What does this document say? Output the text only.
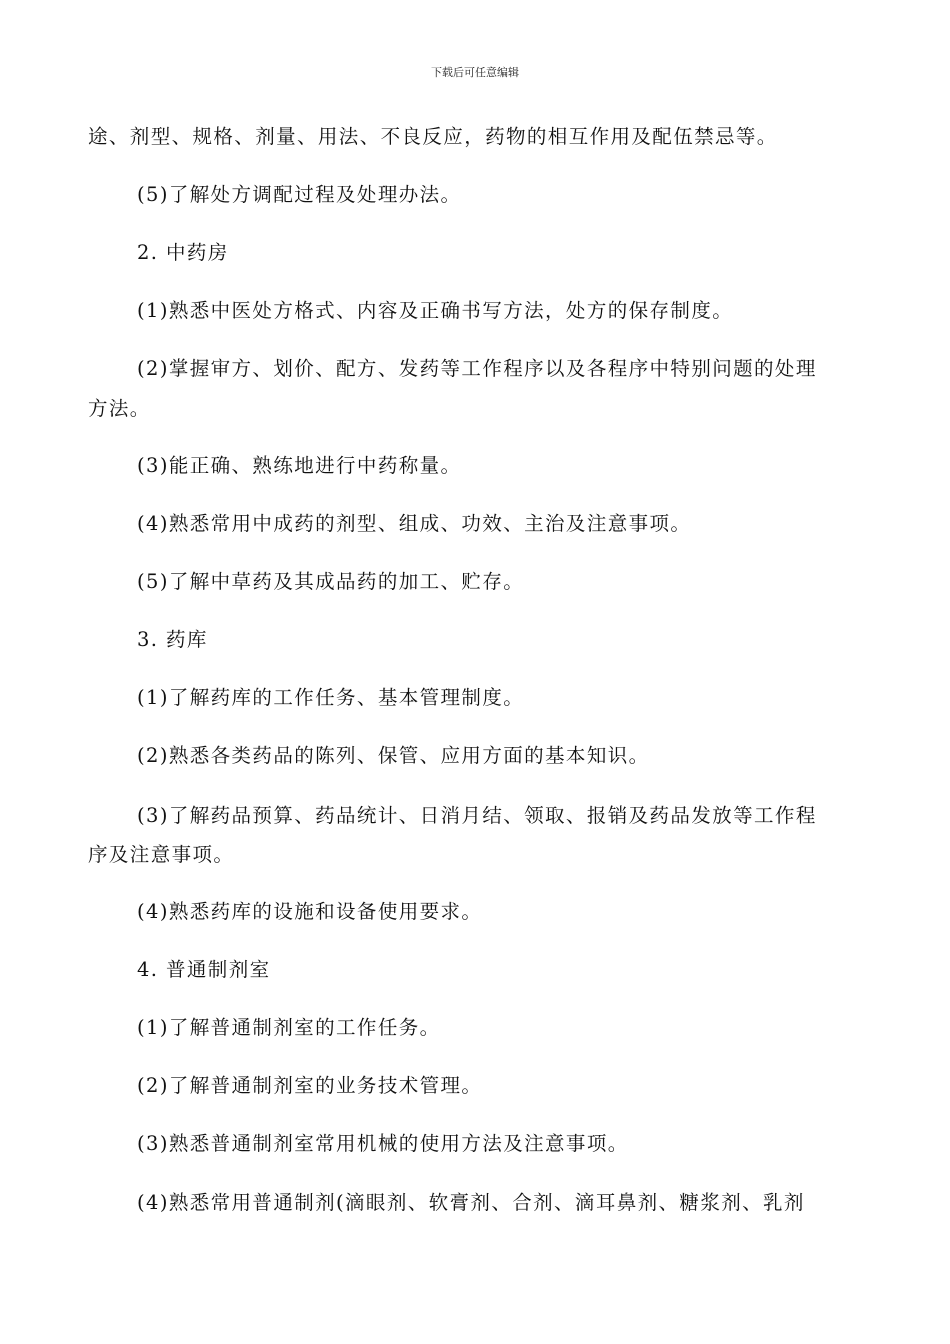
下载后可任意编辑
途、剂型、规格、剂量、用法、不良反应，药物的相互作用及配伍禁忌等。
(5)了解处方调配过程及处理办法。
2. 中药房
(1)熟悉中医处方格式、内容及正确书写方法，处方的保存制度。
(2)掌握审方、划价、配方、发药等工作程序以及各程序中特别问题的处理
方法。
(3)能正确、熟练地进行中药称量。
(4)熟悉常用中成药的剂型、组成、功效、主治及注意事项。
(5)了解中草药及其成品药的加工、贮存。
3. 药库
(1)了解药库的工作任务、基本管理制度。
(2)熟悉各类药品的陈列、保管、应用方面的基本知识。
(3)了解药品预算、药品统计、日消月结、领取、报销及药品发放等工作程
序及注意事项。
(4)熟悉药库的设施和设备使用要求。
4. 普通制剂室
(1)了解普通制剂室的工作任务。
(2)了解普通制剂室的业务技术管理。
(3)熟悉普通制剂室常用机械的使用方法及注意事项。
(4)熟悉常用普通制剂(滴眼剂、软膏剂、合剂、滴耳鼻剂、糖浆剂、乳剂
